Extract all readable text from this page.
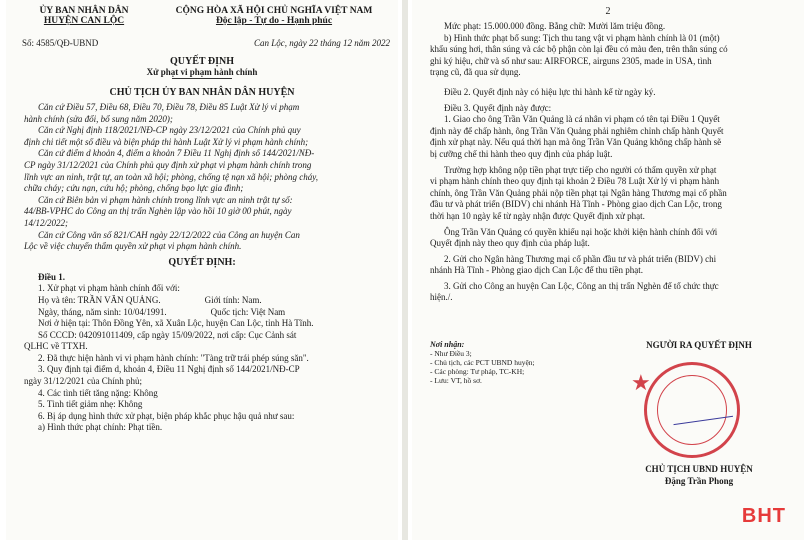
ỦY BAN NHÂN DÂN
HUYỆN CAN LỘC
CỘNG HÒA XÃ HỘI CHỦ NGHĨA VIỆT NAM
Độc lập - Tự do - Hạnh phúc
Số: 4585/QĐ-UBND	Can Lộc, ngày 22 tháng 12 năm 2022
QUYẾT ĐỊNH
Xử phạt vi phạm hành chính
CHỦ TỊCH ỦY BAN NHÂN DÂN HUYỆN

Căn cứ Điều 57, Điều 68, Điều 70, Điều 78, Điều 85 Luật Xử lý vi phạm

hành chính (sửa đổi, bổ sung năm 2020);

Căn cứ Nghị định 118/2021/NĐ-CP ngày 23/12/2021 của Chính phủ quy

định chi tiết một số điều và biện pháp thi hành Luật Xử lý vi phạm hành chính;

Căn cứ điểm d khoản 4, điểm a khoản 7 Điều 11 Nghị định số 144/2021/NĐ-

CP ngày 31/12/2021 của Chính phủ quy định xử phạt vi phạm hành chính trong

lĩnh vực an ninh, trật tự, an toàn xã hội; phòng, chống tệ nạn xã hội; phòng cháy,

chữa cháy; cứu nạn, cứu hộ; phòng, chống bạo lực gia đình;

Căn cứ Biên bản vi phạm hành chính trong lĩnh vực an ninh trật tự số:

44/BB-VPHC do Công an thị trấn Nghèn lập vào hồi 10 giờ 00 phút, ngày

14/12/2022;

Căn cứ Công văn số 821/CAH ngày 22/12/2022 của Công an huyện Can

Lộc về việc chuyển thẩm quyền xử phạt vi phạm hành chính.

QUYẾT ĐỊNH:

Điều 1.

1. Xử phạt vi phạm hành chính đối với:

Họ và tên: TRẦN VĂN QUẢNG.	Giới tính: Nam.
Ngày, tháng, năm sinh: 10/04/1991.	Quốc tịch: Việt Nam

Nơi ở hiện tại: Thôn Đồng Yên, xã Xuân Lộc, huyện Can Lộc, tỉnh Hà Tĩnh.

Số CCCD: 042091011409, cấp ngày 15/09/2022, nơi cấp: Cục Cảnh sát

QLHC về TTXH.

2. Đã thực hiện hành vi vi phạm hành chính: "Tàng trữ trái phép súng săn".

3. Quy định tại điểm d, khoản 4, Điều 11 Nghị định số 144/2021/NĐ-CP

ngày 31/12/2021 của Chính phủ;

4. Các tình tiết tăng nặng: Không

5. Tình tiết giảm nhẹ: Không

6. Bị áp dụng hình thức xử phạt, biện pháp khắc phục hậu quả như sau:

a) Hình thức phạt chính: Phạt tiền.

2

Mức phạt: 15.000.000 đồng. Bằng chữ: Mười lăm triệu đồng.

b) Hình thức phạt bổ sung: Tịch thu tang vật vi phạm hành chính là 01 (một)

khẩu súng hơi, thân súng và các bộ phận còn lại đều có màu đen, trên thân súng có

ghi ký hiệu, chữ và số như sau: AIRFORCE, airguns 2305, made in USA, tình

trạng cũ, đã qua sử dụng.

Điều 2. Quyết định này có hiệu lực thi hành kể từ ngày ký.

Điều 3. Quyết định này được:

1. Giao cho ông Trần Văn Quảng là cá nhân vi phạm có tên tại Điều 1 Quyết

định này để chấp hành, ông Trần Văn Quảng phải nghiêm chỉnh chấp hành Quyết

định xử phạt này. Nếu quá thời hạn mà ông Trần Văn Quảng không chấp hành sẽ

bị cưỡng chế thi hành theo quy định của pháp luật.

Trường hợp không nộp tiền phạt trực tiếp cho người có thẩm quyền xử phạt

vi phạm hành chính theo quy định tại khoản 2 Điều 78 Luật Xử lý vi phạm hành

chính, ông Trần Văn Quảng phải nộp tiền phạt tại Ngân hàng Thương mại cổ phần

đầu tư và phát triển (BIDV) chi nhánh Hà Tĩnh - Phòng giao dịch Can Lộc, trong

thời hạn 10 ngày kể từ ngày nhận được Quyết định xử phạt.

Ông Trần Văn Quảng có quyền khiếu nại hoặc khởi kiện hành chính đối với

Quyết định này theo quy định của pháp luật.

2. Gửi cho Ngân hàng Thương mại cổ phần đầu tư và phát triển (BIDV) chi

nhánh Hà Tĩnh - Phòng giao dịch Can Lộc để thu tiền phạt.

3. Gửi cho Công an huyện Can Lộc, Công an thị trấn Nghèn để tổ chức thực

hiện./.

Nơi nhận:
- Như Điều 3;
- Chủ tịch, các PCT UBND huyện;
- Các phòng: Tư pháp, TC-KH;
- Lưu: VT, hồ sơ.
NGƯỜI RA QUYẾT ĐỊNH
★
CHỦ TỊCH UBND HUYỆN
Đặng Trần Phong
BHT
